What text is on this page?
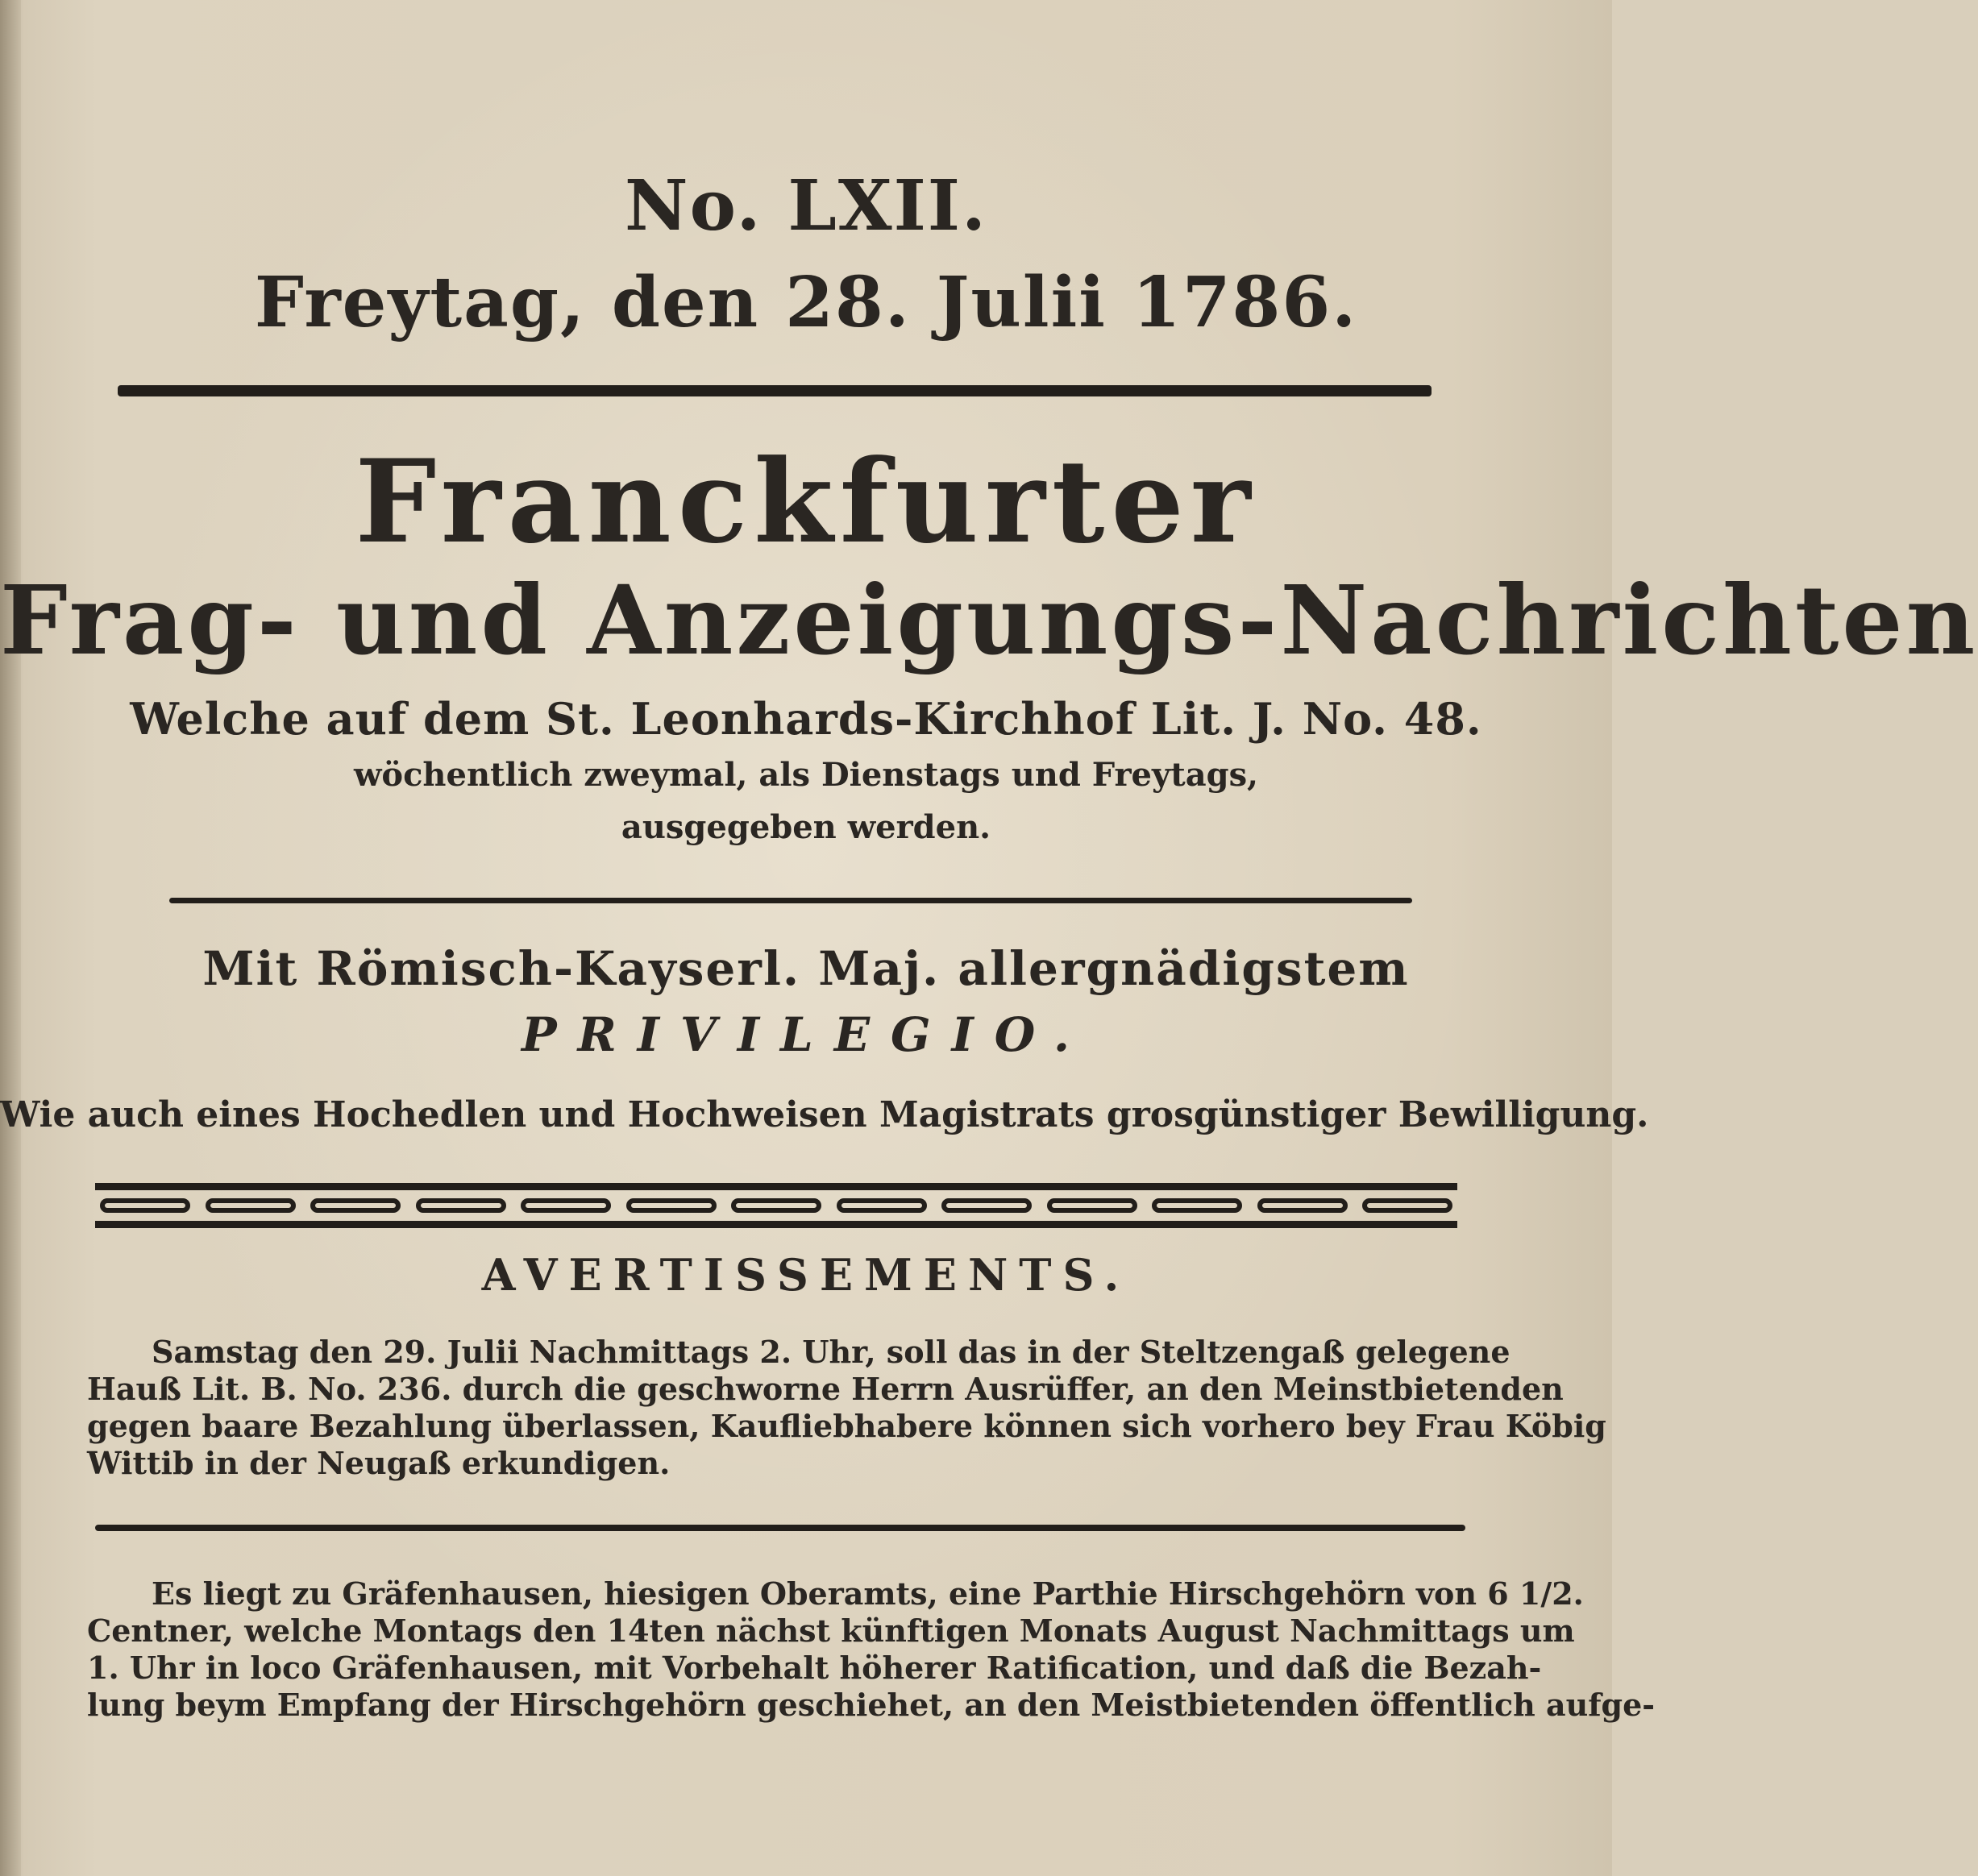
No. LXII.
Freytag, den 28. Julii 1786.
Franckfurter
Frag- und Anzeigungs-Nachrichten
Welche auf dem St. Leonhards-Kirchhof Lit. J. No. 48.
wöchentlich zweymal, als Dienstags und Freytags,
ausgegeben werden.
Mit Römisch-Kayserl. Maj. allergnädigstem
PRIVILEGIO.
Wie auch eines Hochedlen und Hochweisen Magistrats grosgünstiger Bewilligung.
AVERTISSEMENTS.
Samstag den 29. Julii Nachmittags 2. Uhr, soll das in der Steltzengaß gelegene
Hauß Lit. B. No. 236. durch die geschworne Herrn Ausrüffer, an den Meinstbietenden
gegen baare Bezahlung überlassen, Kaufliebhabere können sich vorhero bey Frau Köbig
Wittib in der Neugaß erkundigen.
Es liegt zu Gräfenhausen, hiesigen Oberamts, eine Parthie Hirschgehörn von 6 1/2.
Centner, welche Montags den 14ten nächst künftigen Monats August Nachmittags um
1. Uhr in loco Gräfenhausen, mit Vorbehalt höherer Ratification, und daß die Bezah-
lung beym Empfang der Hirschgehörn geschiehet, an den Meistbietenden öffentlich aufge-
